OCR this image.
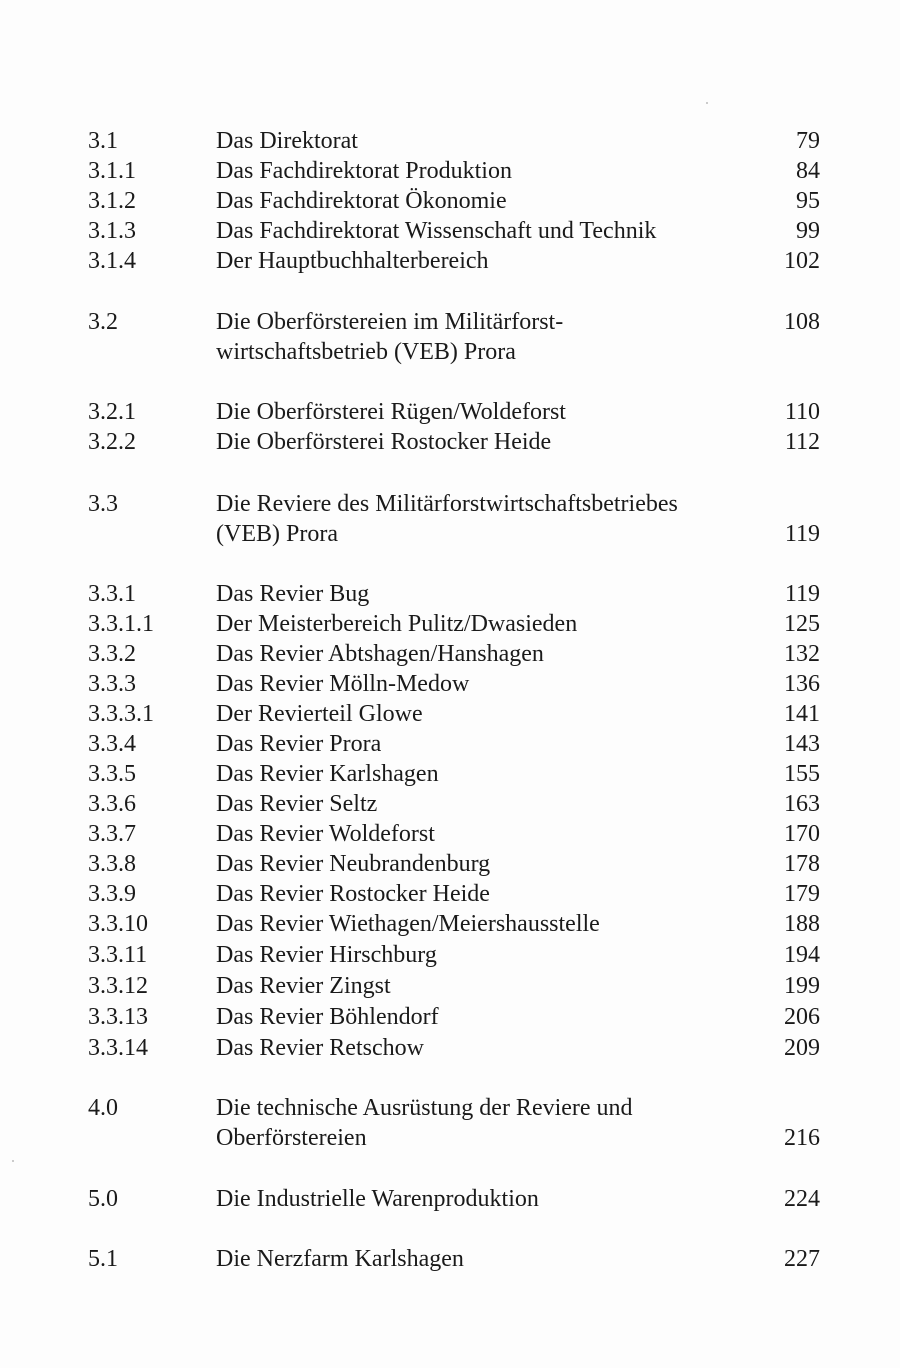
3.1	Das Direktorat	79
3.1.1	Das Fachdirektorat Produktion	84
3.1.2	Das Fachdirektorat Ökonomie	95
3.1.3	Das Fachdirektorat Wissenschaft und Technik	99
3.1.4	Der Hauptbuchhalterbereich	102
3.2	Die Oberförstereien im Militärforst-	108
wirtschaftsbetrieb (VEB) Prora
3.2.1	Die Oberförsterei Rügen/Woldeforst	110
3.2.2	Die Oberförsterei Rostocker Heide	112
3.3	Die Reviere des Militärforstwirtschaftsbetriebes
(VEB) Prora	119
3.3.1	Das Revier Bug	119
3.3.1.1	Der Meisterbereich Pulitz/Dwasieden	125
3.3.2	Das Revier Abtshagen/Hanshagen	132
3.3.3	Das Revier Mölln-Medow	136
3.3.3.1	Der Revierteil Glowe	141
3.3.4	Das Revier Prora	143
3.3.5	Das Revier Karlshagen	155
3.3.6	Das Revier Seltz	163
3.3.7	Das Revier Woldeforst	170
3.3.8	Das Revier Neubrandenburg	178
3.3.9	Das Revier Rostocker Heide	179
3.3.10	Das Revier Wiethagen/Meiershausstelle	188
3.3.11	Das Revier Hirschburg	194
3.3.12	Das Revier Zingst	199
3.3.13	Das Revier Böhlendorf	206
3.3.14	Das Revier Retschow	209
4.0	Die technische Ausrüstung der Reviere und
Oberförstereien	216
5.0	Die Industrielle Warenproduktion	224
5.1	Die Nerzfarm Karlshagen	227
